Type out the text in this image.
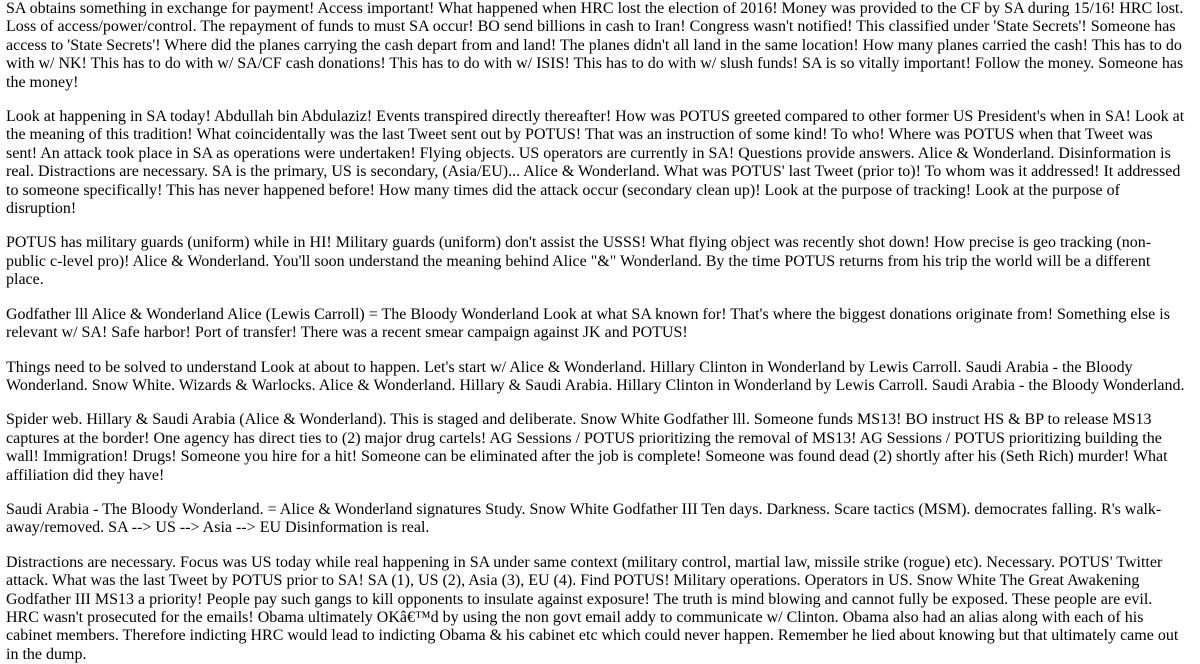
SA obtains something in exchange for payment! Access important! What happened when HRC lost the election of 2016! Money was provided to the CF by SA during 15/16! HRC lost. Loss of access/power/control. The repayment of funds to must SA occur! BO send billions in cash to Iran! Congress wasn't notified! This classified under 'State Secrets'! Someone has access to 'State Secrets'! Where did the planes carrying the cash depart from and land! The planes didn't all land in the same location! How many planes carried the cash! This has to do with w/ NK! This has to do with w/ SA/CF cash donations! This has to do with w/ ISIS! This has to do with w/ slush funds! SA is so vitally important! Follow the money. Someone has the money!

Look at happening in SA today! Abdullah bin Abdulaziz! Events transpired directly thereafter! How was POTUS greeted compared to other former US President's when in SA! Look at the meaning of this tradition! What coincidentally was the last Tweet sent out by POTUS! That was an instruction of some kind! To who! Where was POTUS when that Tweet was sent! An attack took place in SA as operations were undertaken! Flying objects. US operators are currently in SA! Questions provide answers. Alice & Wonderland. Disinformation is real. Distractions are necessary. SA is the primary, US is secondary, (Asia/EU)... Alice & Wonderland. What was POTUS' last Tweet (prior to)! To whom was it addressed! It addressed to someone specifically! This has never happened before! How many times did the attack occur (secondary clean up)! Look at the purpose of tracking! Look at the purpose of disruption!

POTUS has military guards (uniform) while in HI! Military guards (uniform) don't assist the USSS! What flying object was recently shot down! How precise is geo tracking (non-public c-level pro)! Alice & Wonderland. You'll soon understand the meaning behind Alice "&" Wonderland. By the time POTUS returns from his trip the world will be a different place.

Godfather lll Alice & Wonderland Alice (Lewis Carroll) = The Bloody Wonderland Look at what SA known for! That's where the biggest donations originate from! Something else is relevant w/ SA! Safe harbor! Port of transfer! There was a recent smear campaign against JK and POTUS!

Things need to be solved to understand Look at about to happen. Let's start w/ Alice & Wonderland. Hillary Clinton in Wonderland by Lewis Carroll. Saudi Arabia - the Bloody Wonderland. Snow White. Wizards & Warlocks. Alice & Wonderland. Hillary & Saudi Arabia. Hillary Clinton in Wonderland by Lewis Carroll. Saudi Arabia - the Bloody Wonderland.

Spider web. Hillary & Saudi Arabia (Alice & Wonderland). This is staged and deliberate. Snow White Godfather lll. Someone funds MS13! BO instruct HS & BP to release MS13 captures at the border! One agency has direct ties to (2) major drug cartels! AG Sessions / POTUS prioritizing the removal of MS13! AG Sessions / POTUS prioritizing building the wall! Immigration! Drugs! Someone you hire for a hit! Someone can be eliminated after the job is complete! Someone was found dead (2) shortly after his (Seth Rich) murder! What affiliation did they have!

Saudi Arabia - The Bloody Wonderland. = Alice & Wonderland signatures Study. Snow White Godfather III Ten days. Darkness. Scare tactics (MSM). democrates falling. R's walk-away/removed. SA --> US --> Asia --> EU Disinformation is real.

Distractions are necessary. Focus was US today while real happening in SA under same context (military control, martial law, missile strike (rogue) etc). Necessary. POTUS' Twitter attack. What was the last Tweet by POTUS prior to SA! SA (1), US (2), Asia (3), EU (4). Find POTUS! Military operations. Operators in US. Snow White The Great Awakening Godfather III MS13 a priority! People pay such gangs to kill opponents to insulate against exposure! The truth is mind blowing and cannot fully be exposed. These people are evil. HRC wasn't prosecuted for the emails! Obama ultimately OKâ€™d by using the non govt email addy to communicate w/ Clinton. Obama also had an alias along with each of his cabinet members. Therefore indicting HRC would lead to indicting Obama & his cabinet etc which could never happen. Remember he lied about knowing but that ultimately came out in the dump.
